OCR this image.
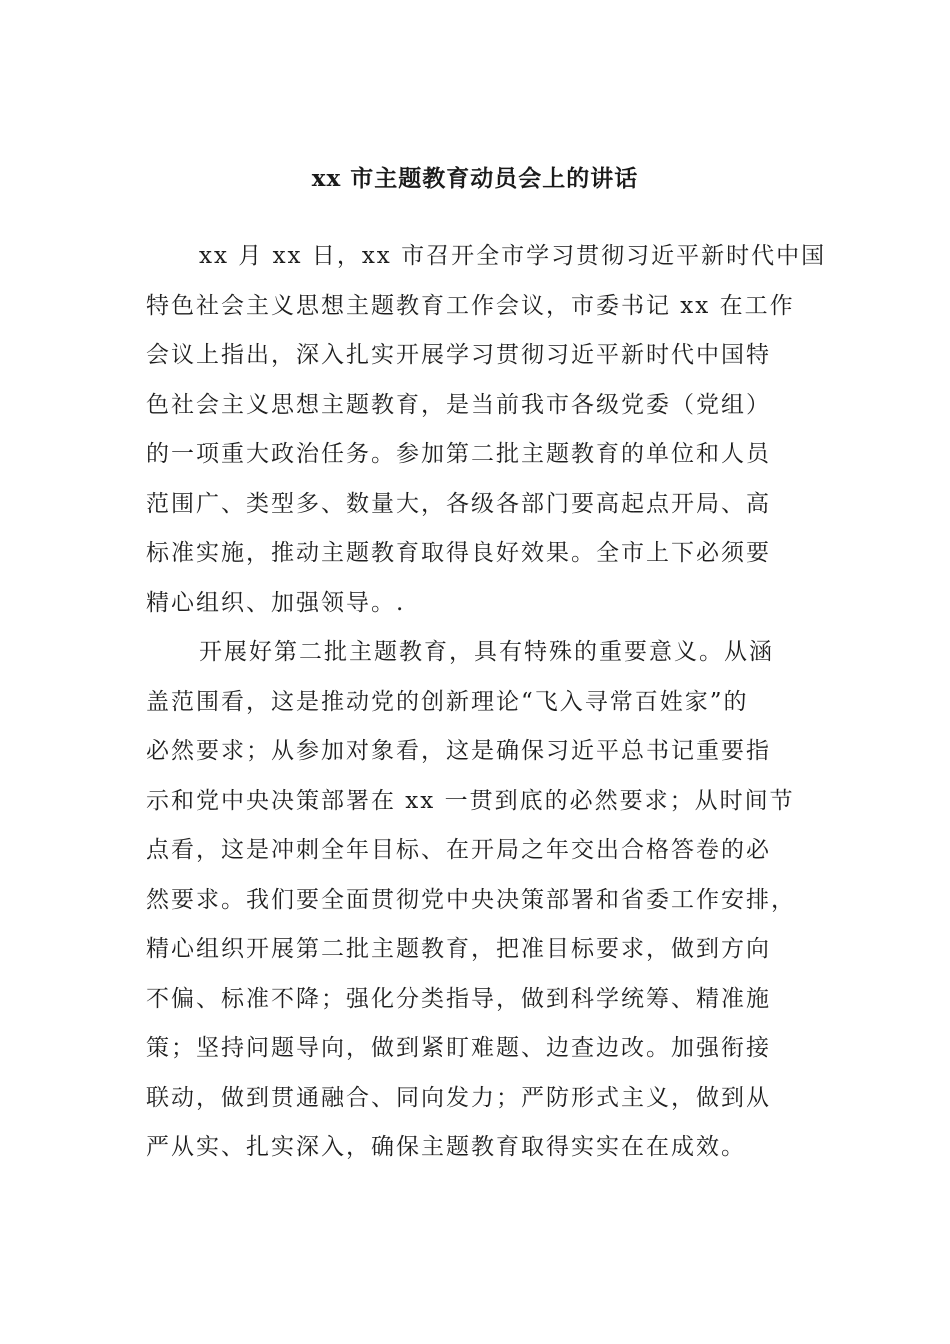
xx 市主题教育动员会上的讲话
xx 月 xx 日，xx 市召开全市学习贯彻习近平新时代中国
特色社会主义思想主题教育工作会议，市委书记 xx 在工作
会议上指出，深入扎实开展学习贯彻习近平新时代中国特
色社会主义思想主题教育，是当前我市各级党委（党组）
的一项重大政治任务。参加第二批主题教育的单位和人员
范围广、类型多、数量大，各级各部门要高起点开局、高
标准实施，推动主题教育取得良好效果。全市上下必须要
精心组织、加强领导。.
开展好第二批主题教育，具有特殊的重要意义。从涵
盖范围看，这是推动党的创新理论“飞入寻常百姓家”的
必然要求；从参加对象看，这是确保习近平总书记重要指
示和党中央决策部署在 xx 一贯到底的必然要求；从时间节
点看，这是冲刺全年目标、在开局之年交出合格答卷的必
然要求。我们要全面贯彻党中央决策部署和省委工作安排，
精心组织开展第二批主题教育，把准目标要求，做到方向
不偏、标准不降；强化分类指导，做到科学统筹、精准施
策；坚持问题导向，做到紧盯难题、边查边改。加强衔接
联动，做到贯通融合、同向发力；严防形式主义，做到从
严从实、扎实深入，确保主题教育取得实实在在成效。
